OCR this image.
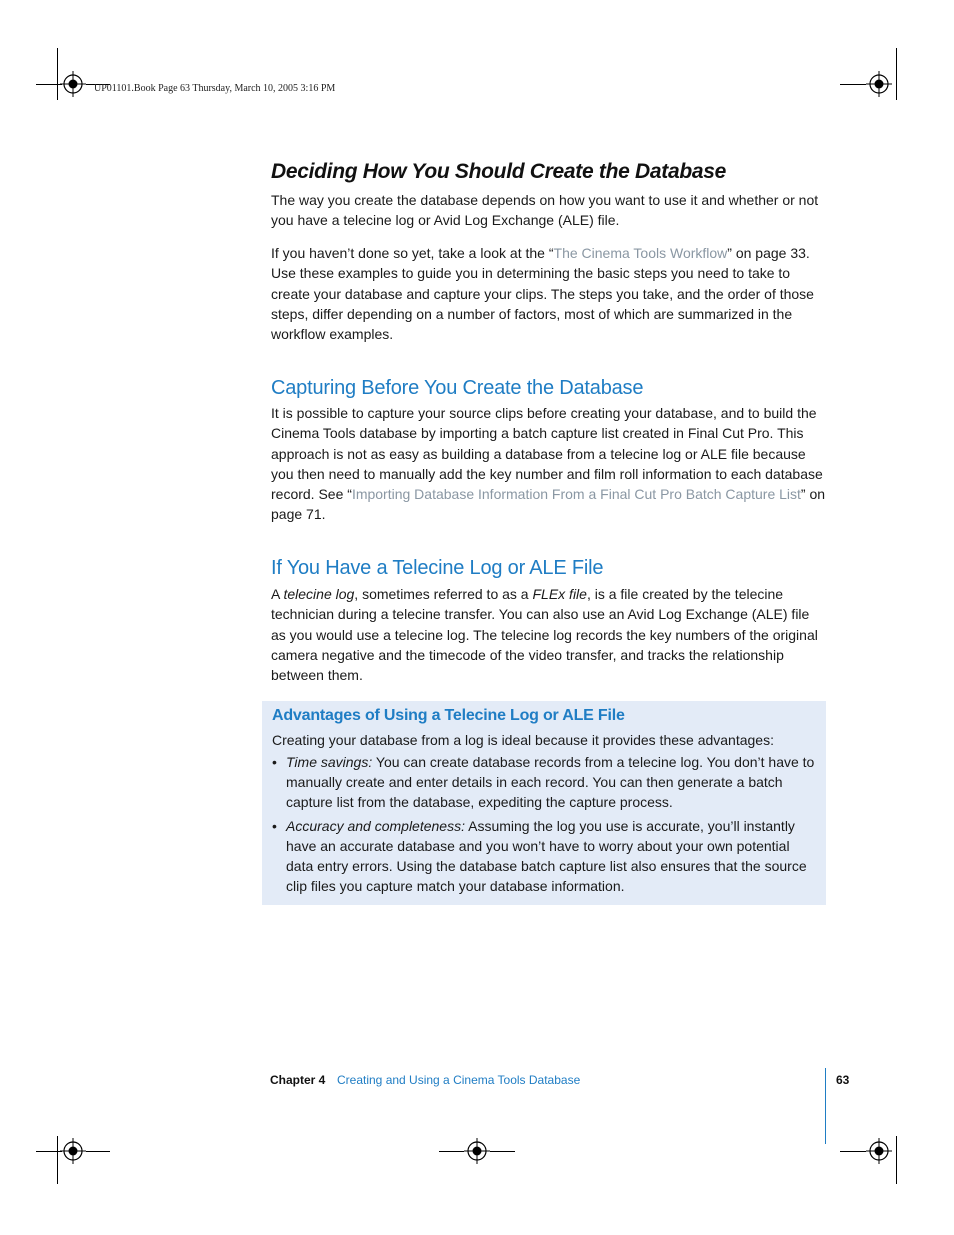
UP01101.Book Page 63 Thursday, March 10, 2005 3:16 PM
Deciding How You Should Create the Database

The way you create the database depends on how you want to use it and whether or not you have a telecine log or Avid Log Exchange (ALE) file.

If you haven’t done so yet, take a look at the “The Cinema Tools Workflow” on page 33. Use these examples to guide you in determining the basic steps you need to take to create your database and capture your clips. The steps you take, and the order of those steps, differ depending on a number of factors, most of which are summarized in the workflow examples.

Capturing Before You Create the Database

It is possible to capture your source clips before creating your database, and to build the Cinema Tools database by importing a batch capture list created in Final Cut Pro. This approach is not as easy as building a database from a telecine log or ALE file because you then need to manually add the key number and film roll information to each database record. See “Importing Database Information From a Final Cut Pro Batch Capture List” on page 71.

If You Have a Telecine Log or ALE File

A telecine log, sometimes referred to as a FLEx file, is a file created by the telecine technician during a telecine transfer. You can also use an Avid Log Exchange (ALE) file as you would use a telecine log. The telecine log records the key numbers of the original camera negative and the timecode of the video transfer, and tracks the relationship between them.

Advantages of Using a Telecine Log or ALE File

Creating your database from a log is ideal because it provides these advantages:

• Time savings: You can create database records from a telecine log. You don’t have to manually create and enter details in each record. You can then generate a batch capture list from the database, expediting the capture process.
• Accuracy and completeness: Assuming the log you use is accurate, you’ll instantly have an accurate database and you won’t have to worry about your own potential data entry errors. Using the database batch capture list also ensures that the source clip files you capture match your database information.
Chapter 4 Creating and Using a Cinema Tools Database	63
